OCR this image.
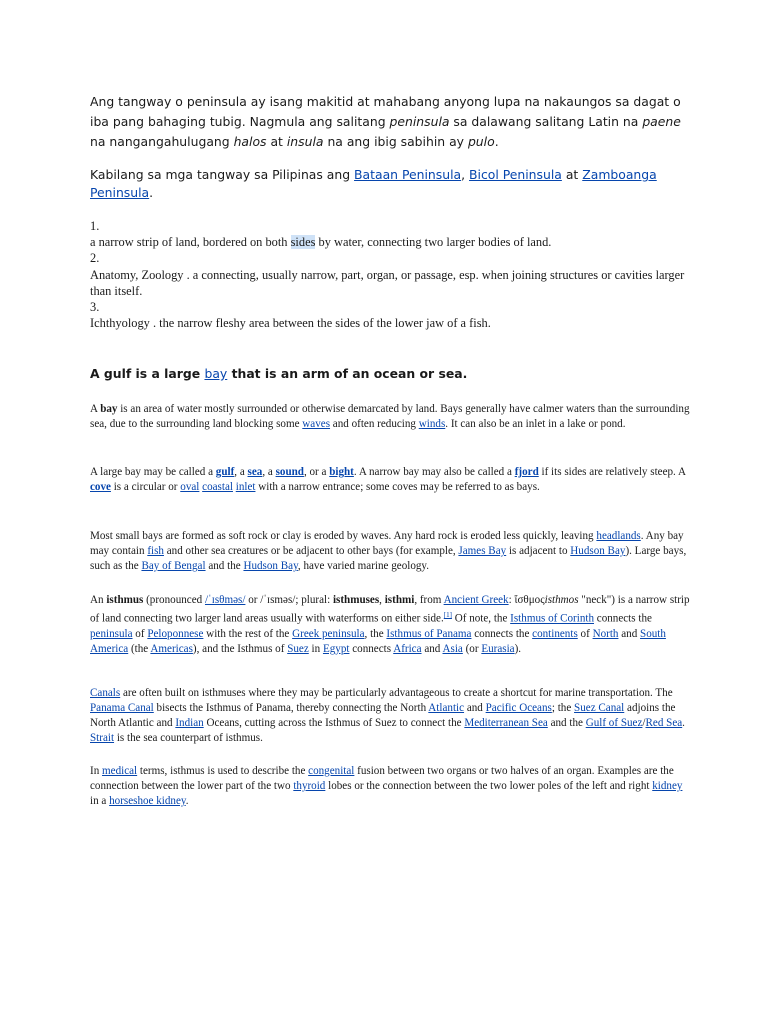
Ang tangway o peninsula ay isang makitid at mahabang anyong lupa na nakaungos sa dagat o iba pang bahaging tubig. Nagmula ang salitang peninsula sa dalawang salitang Latin na paene na nangangahulugang halos at insula na ang ibig sabihin ay pulo.

Kabilang sa mga tangway sa Pilipinas ang Bataan Peninsula, Bicol Peninsula at Zamboanga Peninsula.

1.
a narrow strip of land, bordered on both sides by water, connecting two larger bodies of land.
2.
Anatomy, Zoology . a connecting, usually narrow, part, organ, or passage, esp. when joining structures or cavities larger than itself.
3.
Ichthyology . the narrow fleshy area between the sides of the lower jaw of a fish.

A gulf is a large bay that is an arm of an ocean or sea.

A bay is an area of water mostly surrounded or otherwise demarcated by land. Bays generally have calmer waters than the surrounding sea, due to the surrounding land blocking some waves and often reducing winds. It can also be an inlet in a lake or pond.

A large bay may be called a gulf, a sea, a sound, or a bight. A narrow bay may also be called a fjord if its sides are relatively steep. A cove is a circular or oval coastal inlet with a narrow entrance; some coves may be referred to as bays.

Most small bays are formed as soft rock or clay is eroded by waves. Any hard rock is eroded less quickly, leaving headlands. Any bay may contain fish and other sea creatures or be adjacent to other bays (for example, James Bay is adjacent to Hudson Bay). Large bays, such as the Bay of Bengal and the Hudson Bay, have varied marine geology.

An isthmus (pronounced /ˈɪsθməs/ or /ˈɪsməs/; plural: isthmuses, isthmi, from Ancient Greek: ἴσθμοςisthmos "neck") is a narrow strip of land connecting two larger land areas usually with waterforms on either side.[1] Of note, the Isthmus of Corinth connects the peninsula of Peloponnese with the rest of the Greek peninsula, the Isthmus of Panama connects the continents of North and South America (the Americas), and the Isthmus of Suez in Egypt connects Africa and Asia (or Eurasia).

Canals are often built on isthmuses where they may be particularly advantageous to create a shortcut for marine transportation. The Panama Canal bisects the Isthmus of Panama, thereby connecting the North Atlantic and Pacific Oceans; the Suez Canal adjoins the North Atlantic and Indian Oceans, cutting across the Isthmus of Suez to connect the Mediterranean Sea and the Gulf of Suez/Red Sea. Strait is the sea counterpart of isthmus.

In medical terms, isthmus is used to describe the congenital fusion between two organs or two halves of an organ. Examples are the connection between the lower part of the two thyroid lobes or the connection between the two lower poles of the left and right kidney in a horseshoe kidney.
